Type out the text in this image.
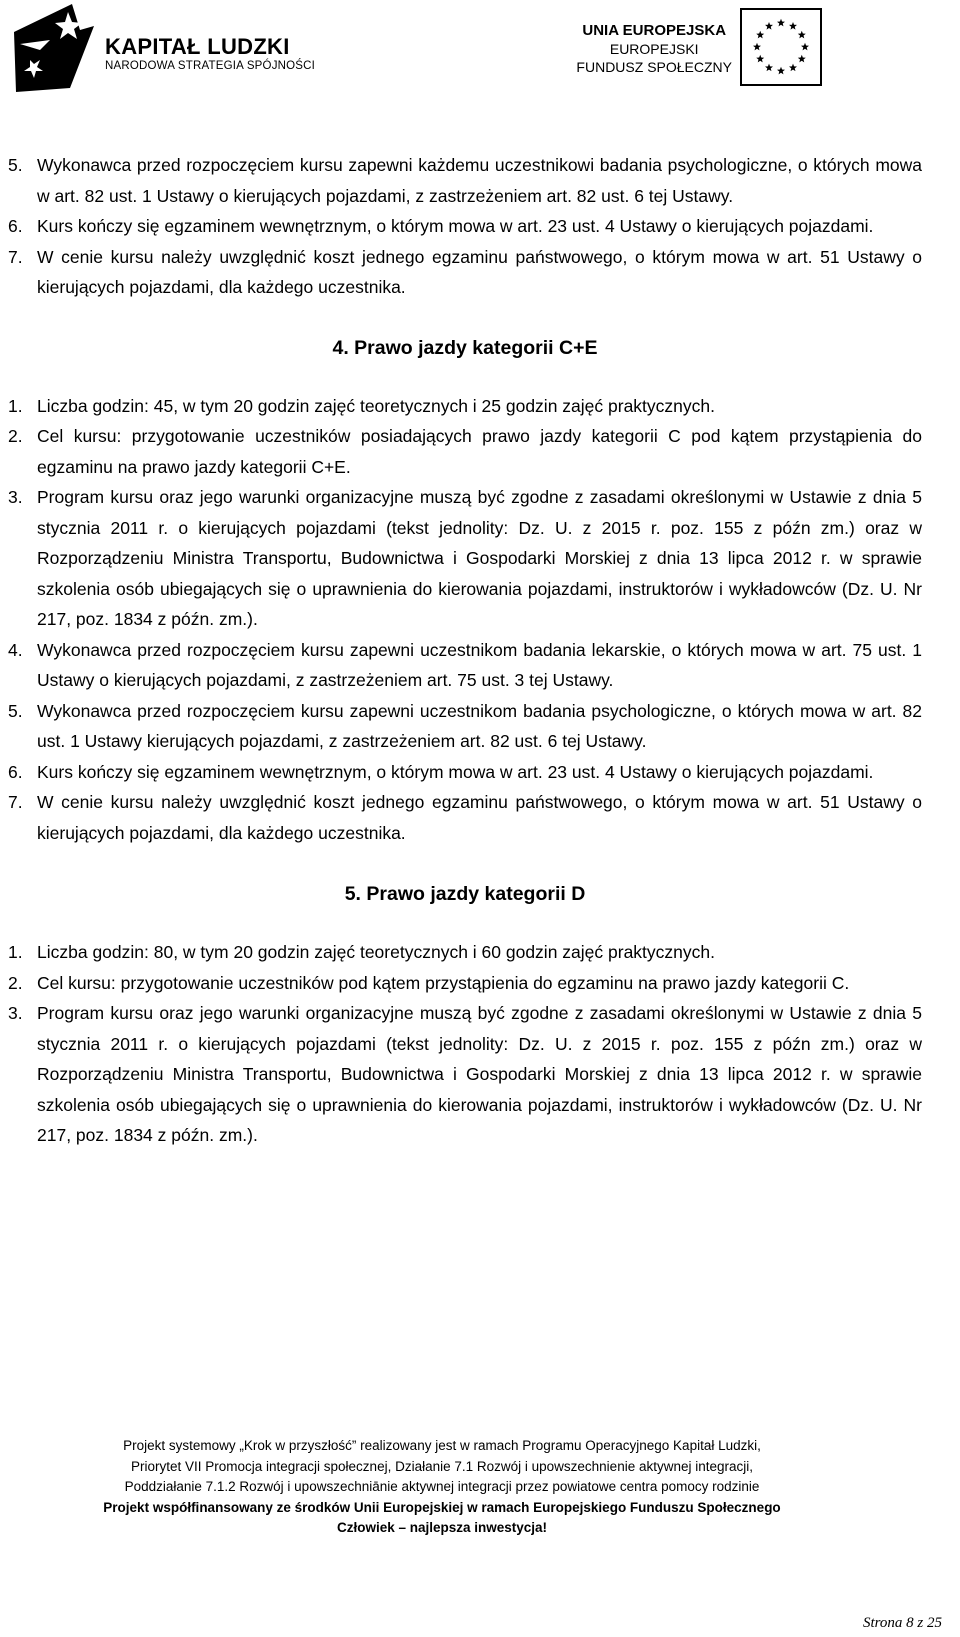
KAPITAŁ LUDZKI
NARODOWA STRATEGIA SPÓJNOŚCI
UNIA EUROPEJSKA
EUROPEJSKI
FUNDUSZ SPOŁECZNY
5. Wykonawca przed rozpoczęciem kursu zapewni każdemu uczestnikowi badania psychologiczne, o których mowa w art. 82 ust. 1 Ustawy o kierujących pojazdami, z zastrzeżeniem art. 82 ust. 6 tej Ustawy.
6. Kurs kończy się egzaminem wewnętrznym, o którym mowa w art. 23 ust. 4 Ustawy o kierujących pojazdami.
7. W cenie kursu należy uwzględnić koszt jednego egzaminu państwowego, o którym mowa w art. 51 Ustawy o kierujących pojazdami, dla każdego uczestnika.
4. Prawo jazdy kategorii C+E
1. Liczba godzin: 45, w tym 20 godzin zajęć teoretycznych i 25 godzin zajęć praktycznych.
2. Cel kursu: przygotowanie uczestników posiadających prawo jazdy kategorii C pod kątem przystąpienia do egzaminu na prawo jazdy kategorii C+E.
3. Program kursu oraz jego warunki organizacyjne muszą być zgodne z zasadami określonymi w Ustawie z dnia 5 stycznia 2011 r. o kierujących pojazdami (tekst jednolity: Dz. U. z 2015 r. poz. 155 z późn zm.) oraz w Rozporządzeniu Ministra Transportu, Budownictwa i Gospodarki Morskiej z dnia 13 lipca 2012 r. w sprawie szkolenia osób ubiegających się o uprawnienia do kierowania pojazdami, instruktorów i wykładowców (Dz. U. Nr 217, poz. 1834 z późn. zm.).
4. Wykonawca przed rozpoczęciem kursu zapewni uczestnikom badania lekarskie, o których mowa w art. 75 ust. 1 Ustawy o kierujących pojazdami, z zastrzeżeniem art. 75 ust. 3 tej Ustawy.
5. Wykonawca przed rozpoczęciem kursu zapewni uczestnikom badania psychologiczne, o których mowa w art. 82 ust. 1 Ustawy kierujących pojazdami, z zastrzeżeniem art. 82 ust. 6 tej Ustawy.
6. Kurs kończy się egzaminem wewnętrznym, o którym mowa w art. 23 ust. 4 Ustawy o kierujących pojazdami.
7. W cenie kursu należy uwzględnić koszt jednego egzaminu państwowego, o którym mowa w art. 51 Ustawy o kierujących pojazdami, dla każdego uczestnika.
5. Prawo jazdy kategorii D
1. Liczba godzin: 80, w tym 20 godzin zajęć teoretycznych i 60 godzin zajęć praktycznych.
2. Cel kursu: przygotowanie uczestników pod kątem przystąpienia do egzaminu na prawo jazdy kategorii C.
3. Program kursu oraz jego warunki organizacyjne muszą być zgodne z zasadami określonymi w Ustawie z dnia 5 stycznia 2011 r. o kierujących pojazdami (tekst jednolity: Dz. U. z 2015 r. poz. 155 z późn zm.) oraz w Rozporządzeniu Ministra Transportu, Budownictwa i Gospodarki Morskiej z dnia 13 lipca 2012 r. w sprawie szkolenia osób ubiegających się o uprawnienia do kierowania pojazdami, instruktorów i wykładowców (Dz. U. Nr 217, poz. 1834 z późn. zm.).
Projekt systemowy „Krok w przyszłość” realizowany jest w ramach Programu Operacyjnego Kapitał Ludzki,
Priorytet VII Promocja integracji społecznej, Działanie 7.1 Rozwój i upowszechnienie aktywnej integracji,
Poddziałanie 7.1.2 Rozwój i upowszechniānie aktywnej integracji przez powiatowe centra pomocy rodzinie
Projekt współfinansowany ze środków Unii Europejskiej w ramach Europejskiego Funduszu Społecznego
Człowiek – najlepsza inwestycja!
Strona 8 z 25
